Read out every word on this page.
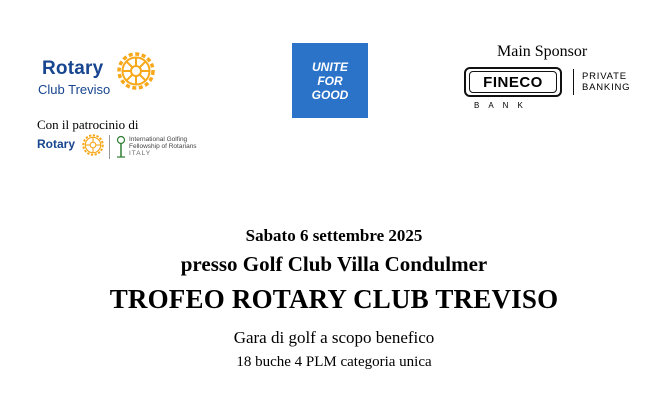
Rotary
Club Treviso
Con il patrocinio di
Rotary	International Golfing
Fellowship of Rotarians
ITALY
UNITE
FOR
GOOD
Main Sponsor
FINECO
BANK
PRIVATE
BANKING
Sabato 6 settembre 2025
presso Golf Club Villa Condulmer
TROFEO ROTARY CLUB TREVISO
Gara di golf a scopo benefico
18 buche 4 PLM categoria unica
